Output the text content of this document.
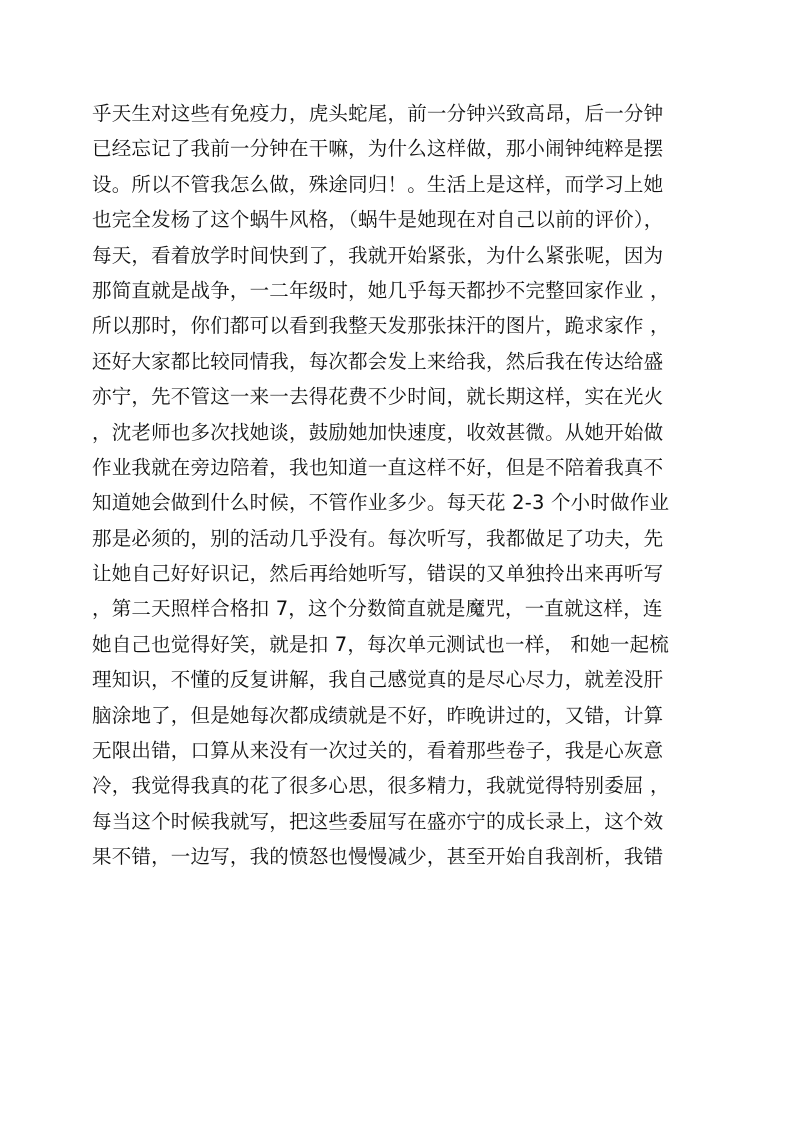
乎天生对这些有免疫力，虎头蛇尾，前一分钟兴致高昂，后一分钟
已经忘记了我前一分钟在干嘛，为什么这样做，那小闹钟纯粹是摆
设。所以不管我怎么做，殊途同归！。生活上是这样，而学习上她
也完全发杨了这个蜗牛风格，（蜗牛是她现在对自己以前的评价），
每天，看着放学时间快到了，我就开始紧张，为什么紧张呢，因为
那简直就是战争，一二年级时，她几乎每天都抄不完整回家作业 ，
所以那时，你们都可以看到我整天发那张抹汗的图片，跪求家作 ，
还好大家都比较同情我，每次都会发上来给我，然后我在传达给盛
亦宁，先不管这一来一去得花费不少时间，就长期这样，实在光火
，沈老师也多次找她谈，鼓励她加快速度，收效甚微。从她开始做
作业我就在旁边陪着，我也知道一直这样不好，但是不陪着我真不
知道她会做到什么时候，不管作业多少。每天花 2-3 个小时做作业
那是必须的，别的活动几乎没有。每次听写，我都做足了功夫，先
让她自己好好识记，然后再给她听写，错误的又单独拎出来再听写
，第二天照样合格扣 7，这个分数简直就是魔咒，一直就这样，连
她自己也觉得好笑，就是扣 7，每次单元测试也一样， 和她一起梳
理知识，不懂的反复讲解，我自己感觉真的是尽心尽力，就差没肝
脑涂地了，但是她每次都成绩就是不好，昨晚讲过的，又错，计算
无限出错，口算从来没有一次过关的，看着那些卷子，我是心灰意
冷，我觉得我真的花了很多心思，很多精力，我就觉得特别委屈 ，
每当这个时候我就写，把这些委屈写在盛亦宁的成长录上，这个效
果不错，一边写，我的愤怒也慢慢减少，甚至开始自我剖析，我错
